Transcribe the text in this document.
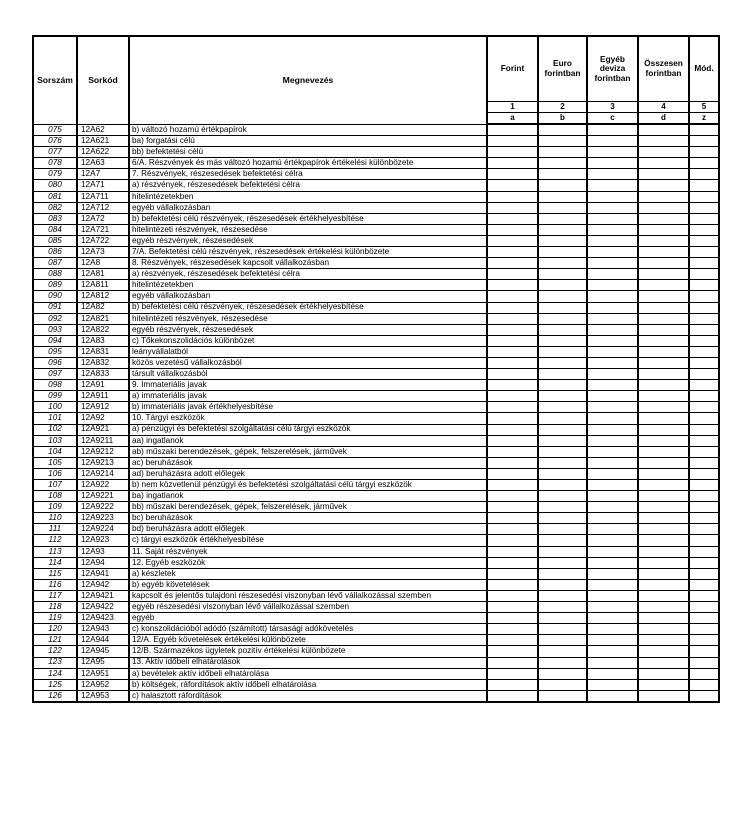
Sorszám	Sorkód	Megnevezés	Forint	Euro forintban	Egyéb deviza forintban	Összesen forintban	Mód.
			1	2	3	4	5
			a	b	c	d	z
075	12A62	b) változó hozamú értékpapírok					
076	12A621	ba) forgatási célú					
077	12A622	bb) befektetési célú					
078	12A63	6/A. Részvények és más változó hozamú értékpapírok értékelési különbözete					
079	12A7	7. Részvények, részesedések befektetési célra					
080	12A71	a) részvények, részesedések befektetési célra					
081	12A711	hitelintézetekben					
082	12A712	egyéb vállalkozásban					
083	12A72	b) befektetési célú részvények, részesedések értékhelyesbítése					
084	12A721	hitelintézeti részvények, részesedése					
085	12A722	egyéb részvények, részesedések					
086	12A73	7/A. Befektetési célú részvények, részesedések értékelési különbözete					
087	12A8	8. Részvények, részesedések kapcsolt vállalkozásban					
088	12A81	a) részvények, részesedések befektetési célra					
089	12A811	hitelintézetekben					
090	12A812	egyéb vállalkozásban					
091	12A82	b) befektetési célú részvények, részesedések értékhelyesbítése					
092	12A821	hitelintézeti részvények, részesedése					
093	12A822	egyéb részvények, részesedések					
094	12A83	c) Tőkekonszolidációs különbözet					
095	12A831	leányvállalatból					
096	12A832	közös vezetésű vállalkozásból					
097	12A833	társult vállalkozásból					
098	12A91	9. Immateriális javak					
099	12A911	a) immateriális javak					
100	12A912	b) immateriális javak értékhelyesbítése					
101	12A92	10. Tárgyi eszközök					
102	12A921	a) pénzügyi és befektetési szolgáltatási célú tárgyi eszközök					
103	12A9211	aa) ingatlanok					
104	12A9212	ab) műszaki berendezések, gépek, felszerelések, járművek					
105	12A9213	ac) beruházások					
106	12A9214	ad) beruházásra adott előlegek					
107	12A922	b) nem közvetlenül pénzügyi és befektetési szolgáltatási célú tárgyi eszközök					
108	12A9221	ba) ingatlanok					
109	12A9222	bb) műszaki berendezések, gépek, felszerelések, járművek					
110	12A9223	bc) beruházások					
111	12A9224	bd) beruházásra adott előlegek					
112	12A923	c) tárgyi eszközök értékhelyesbítése					
113	12A93	11. Saját részvények					
114	12A94	12. Egyéb eszközök					
115	12A941	a) készletek					
116	12A942	b) egyéb követelések					
117	12A9421	kapcsolt és jelentős tulajdoni részesedési viszonyban lévő vállalkozással szemben					
118	12A9422	egyéb részesedési viszonyban lévő vállalkozással szemben					
119	12A9423	egyéb					
120	12A943	c) konszolidációból adódó (számított) társasági adókövetelés					
121	12A944	12/A. Egyéb követelések értékelési különbözete					
122	12A945	12/B. Származékos ügyletek pozitív értékelési különbözete					
123	12A95	13. Aktív időbeli elhatárolások					
124	12A951	a) bevételek aktív időbeli elhatárolása					
125	12A952	b) költségek, ráfordítások aktív időbeli elhatárolása					
126	12A953	c) halasztott ráfordítások					
